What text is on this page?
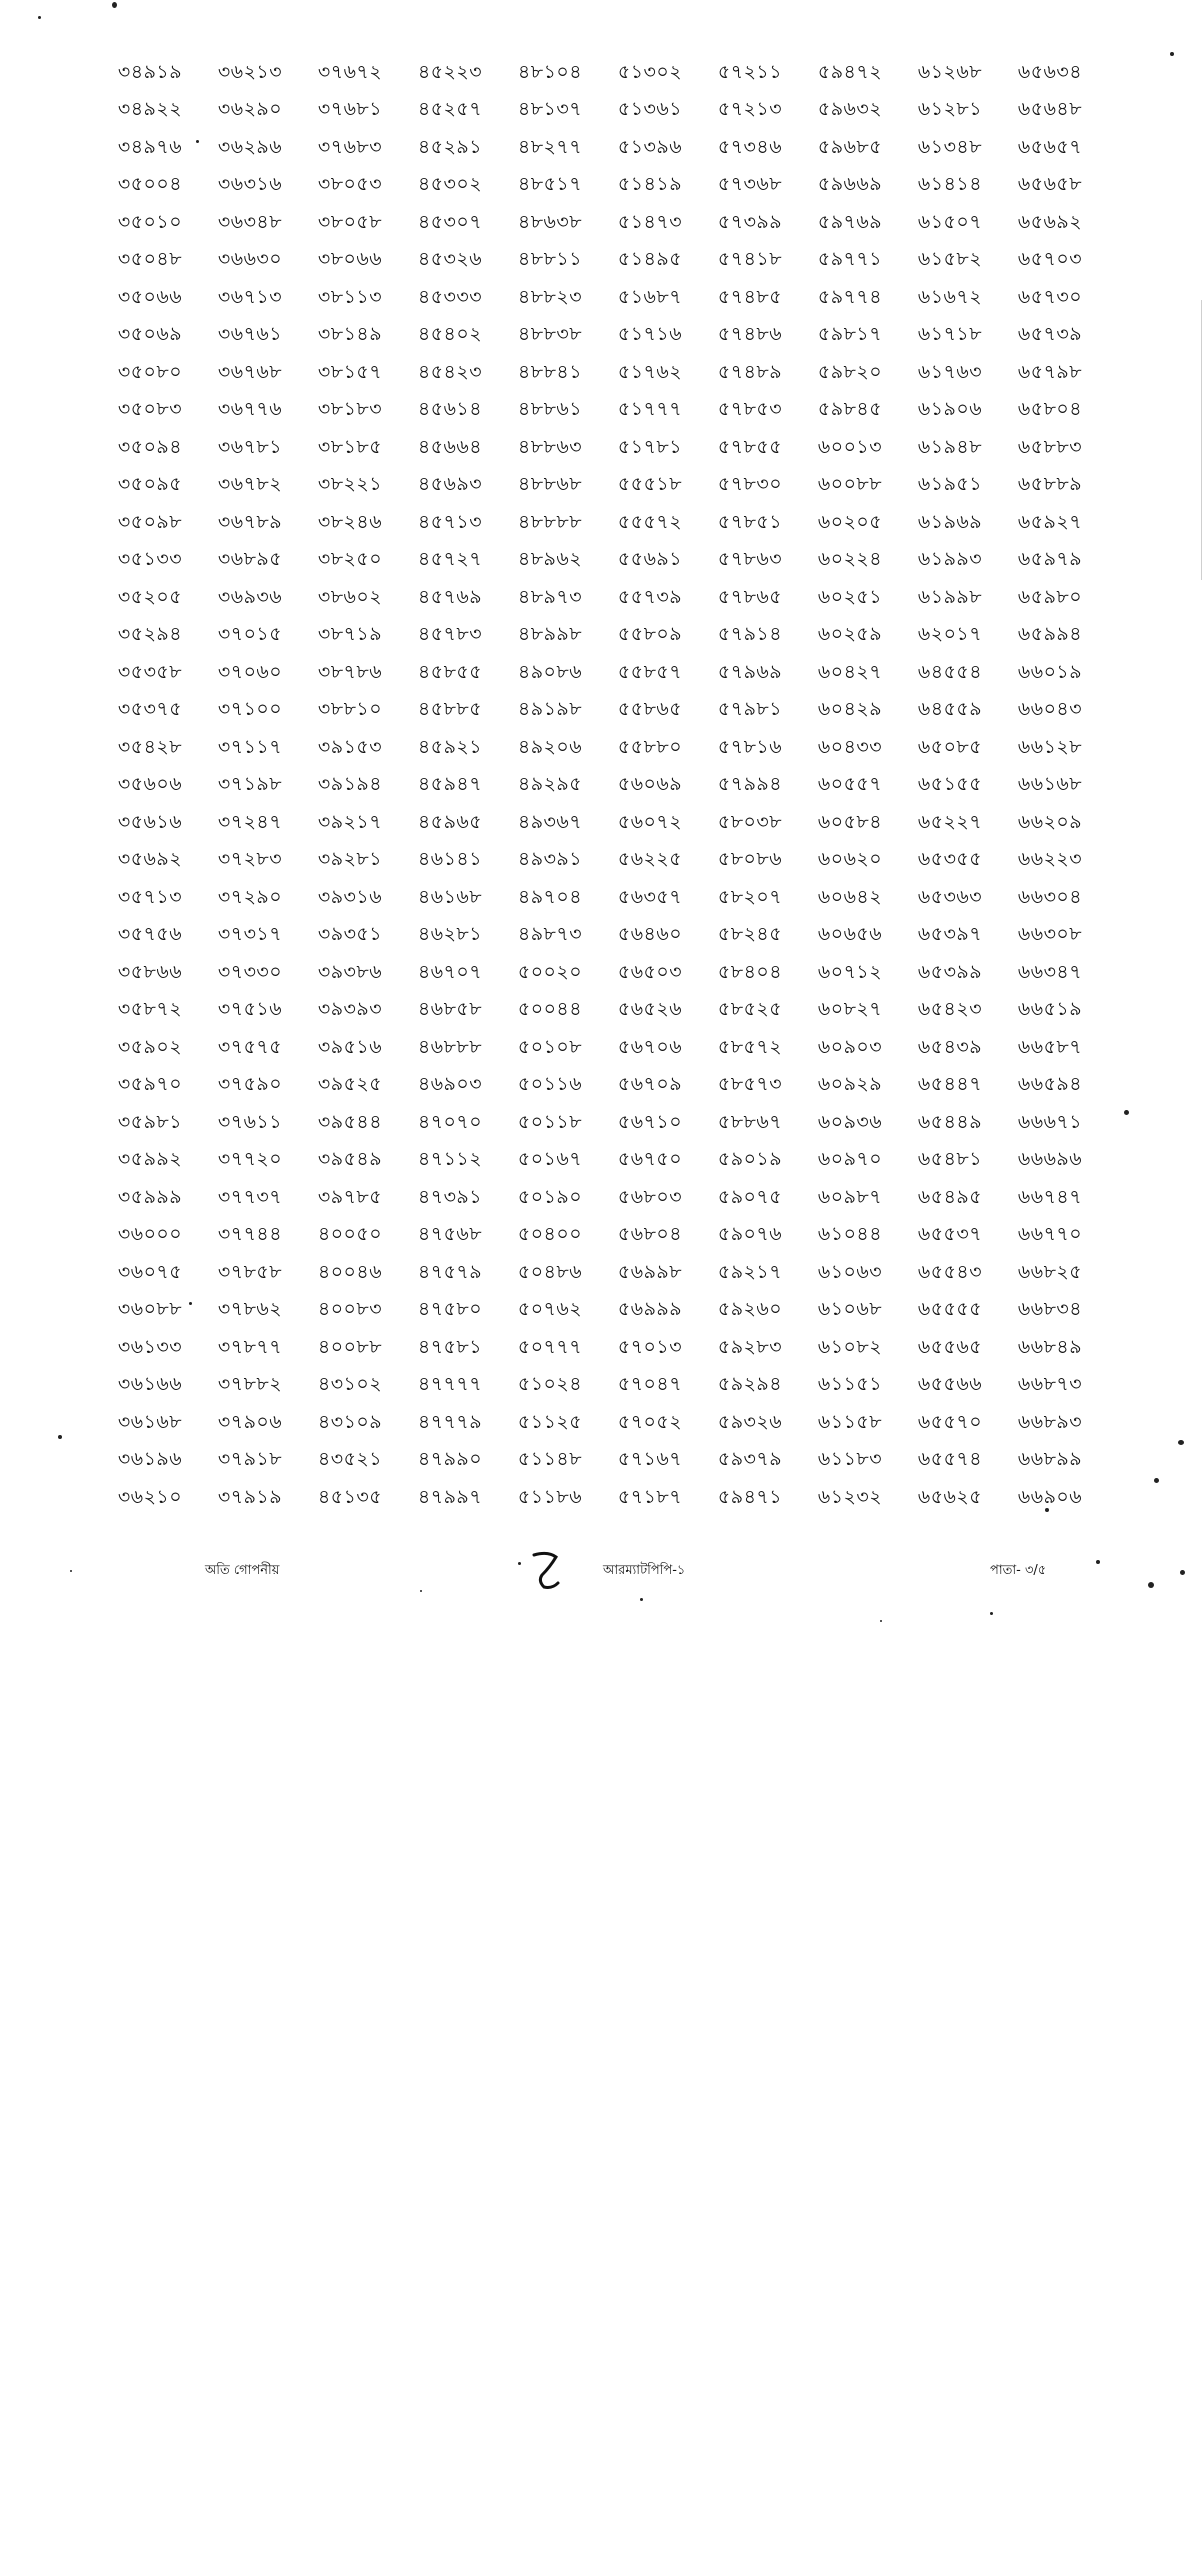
৩৪৯১৯	৩৬২১৩	৩৭৬৭২	৪৫২২৩	৪৮১০৪	৫১৩০২	৫৭২১১	৫৯৪৭২	৬১২৬৮	৬৫৬৩৪
৩৪৯২২	৩৬২৯০	৩৭৬৮১	৪৫২৫৭	৪৮১৩৭	৫১৩৬১	৫৭২১৩	৫৯৬৩২	৬১২৮১	৬৫৬৪৮
৩৪৯৭৬	৩৬২৯৬	৩৭৬৮৩	৪৫২৯১	৪৮২৭৭	৫১৩৯৬	৫৭৩৪৬	৫৯৬৮৫	৬১৩৪৮	৬৫৬৫৭
৩৫০০৪	৩৬৩১৬	৩৮০৫৩	৪৫৩০২	৪৮৫১৭	৫১৪১৯	৫৭৩৬৮	৫৯৬৬৯	৬১৪১৪	৬৫৬৫৮
৩৫০১০	৩৬৩৪৮	৩৮০৫৮	৪৫৩০৭	৪৮৬৩৮	৫১৪৭৩	৫৭৩৯৯	৫৯৭৬৯	৬১৫০৭	৬৫৬৯২
৩৫০৪৮	৩৬৬৩০	৩৮০৬৬	৪৫৩২৬	৪৮৮১১	৫১৪৯৫	৫৭৪১৮	৫৯৭৭১	৬১৫৮২	৬৫৭০৩
৩৫০৬৬	৩৬৭১৩	৩৮১১৩	৪৫৩৩৩	৪৮৮২৩	৫১৬৮৭	৫৭৪৮৫	৫৯৭৭৪	৬১৬৭২	৬৫৭৩০
৩৫০৬৯	৩৬৭৬১	৩৮১৪৯	৪৫৪০২	৪৮৮৩৮	৫১৭১৬	৫৭৪৮৬	৫৯৮১৭	৬১৭১৮	৬৫৭৩৯
৩৫০৮০	৩৬৭৬৮	৩৮১৫৭	৪৫৪২৩	৪৮৮৪১	৫১৭৬২	৫৭৪৮৯	৫৯৮২০	৬১৭৬৩	৬৫৭৯৮
৩৫০৮৩	৩৬৭৭৬	৩৮১৮৩	৪৫৬১৪	৪৮৮৬১	৫১৭৭৭	৫৭৮৫৩	৫৯৮৪৫	৬১৯০৬	৬৫৮০৪
৩৫০৯৪	৩৬৭৮১	৩৮১৮৫	৪৫৬৬৪	৪৮৮৬৩	৫১৭৮১	৫৭৮৫৫	৬০০১৩	৬১৯৪৮	৬৫৮৮৩
৩৫০৯৫	৩৬৭৮২	৩৮২২১	৪৫৬৯৩	৪৮৮৬৮	৫৫৫১৮	৫৭৮৩০	৬০০৮৮	৬১৯৫১	৬৫৮৮৯
৩৫০৯৮	৩৬৭৮৯	৩৮২৪৬	৪৫৭১৩	৪৮৮৮৮	৫৫৫৭২	৫৭৮৫১	৬০২০৫	৬১৯৬৯	৬৫৯২৭
৩৫১৩৩	৩৬৮৯৫	৩৮২৫০	৪৫৭২৭	৪৮৯৬২	৫৫৬৯১	৫৭৮৬৩	৬০২২৪	৬১৯৯৩	৬৫৯৭৯
৩৫২০৫	৩৬৯৩৬	৩৮৬০২	৪৫৭৬৯	৪৮৯৭৩	৫৫৭৩৯	৫৭৮৬৫	৬০২৫১	৬১৯৯৮	৬৫৯৮০
৩৫২৯৪	৩৭০১৫	৩৮৭১৯	৪৫৭৮৩	৪৮৯৯৮	৫৫৮০৯	৫৭৯১৪	৬০২৫৯	৬২০১৭	৬৫৯৯৪
৩৫৩৫৮	৩৭০৬০	৩৮৭৮৬	৪৫৮৫৫	৪৯০৮৬	৫৫৮৫৭	৫৭৯৬৯	৬০৪২৭	৬৪৫৫৪	৬৬০১৯
৩৫৩৭৫	৩৭১০০	৩৮৮১০	৪৫৮৮৫	৪৯১৯৮	৫৫৮৬৫	৫৭৯৮১	৬০৪২৯	৬৪৫৫৯	৬৬০৪৩
৩৫৪২৮	৩৭১১৭	৩৯১৫৩	৪৫৯২১	৪৯২০৬	৫৫৮৮০	৫৭৮১৬	৬০৪৩৩	৬৫০৮৫	৬৬১২৮
৩৫৬০৬	৩৭১৯৮	৩৯১৯৪	৪৫৯৪৭	৪৯২৯৫	৫৬০৬৯	৫৭৯৯৪	৬০৫৫৭	৬৫১৫৫	৬৬১৬৮
৩৫৬১৬	৩৭২৪৭	৩৯২১৭	৪৫৯৬৫	৪৯৩৬৭	৫৬০৭২	৫৮০৩৮	৬০৫৮৪	৬৫২২৭	৬৬২০৯
৩৫৬৯২	৩৭২৮৩	৩৯২৮১	৪৬১৪১	৪৯৩৯১	৫৬২২৫	৫৮০৮৬	৬০৬২০	৬৫৩৫৫	৬৬২২৩
৩৫৭১৩	৩৭২৯০	৩৯৩১৬	৪৬১৬৮	৪৯৭০৪	৫৬৩৫৭	৫৮২০৭	৬০৬৪২	৬৫৩৬৩	৬৬৩০৪
৩৫৭৫৬	৩৭৩১৭	৩৯৩৫১	৪৬২৮১	৪৯৮৭৩	৫৬৪৬০	৫৮২৪৫	৬০৬৫৬	৬৫৩৯৭	৬৬৩০৮
৩৫৮৬৬	৩৭৩৩০	৩৯৩৮৬	৪৬৭০৭	৫০০২০	৫৬৫০৩	৫৮৪০৪	৬০৭১২	৬৫৩৯৯	৬৬৩৪৭
৩৫৮৭২	৩৭৫১৬	৩৯৩৯৩	৪৬৮৫৮	৫০০৪৪	৫৬৫২৬	৫৮৫২৫	৬০৮২৭	৬৫৪২৩	৬৬৫১৯
৩৫৯০২	৩৭৫৭৫	৩৯৫১৬	৪৬৮৮৮	৫০১০৮	৫৬৭০৬	৫৮৫৭২	৬০৯০৩	৬৫৪৩৯	৬৬৫৮৭
৩৫৯৭০	৩৭৫৯০	৩৯৫২৫	৪৬৯০৩	৫০১১৬	৫৬৭০৯	৫৮৫৭৩	৬০৯২৯	৬৫৪৪৭	৬৬৫৯৪
৩৫৯৮১	৩৭৬১১	৩৯৫৪৪	৪৭০৭০	৫০১১৮	৫৬৭১০	৫৮৮৬৭	৬০৯৩৬	৬৫৪৪৯	৬৬৬৭১
৩৫৯৯২	৩৭৭২০	৩৯৫৪৯	৪৭১১২	৫০১৬৭	৫৬৭৫০	৫৯০১৯	৬০৯৭০	৬৫৪৮১	৬৬৬৯৬
৩৫৯৯৯	৩৭৭৩৭	৩৯৭৮৫	৪৭৩৯১	৫০১৯০	৫৬৮০৩	৫৯০৭৫	৬০৯৮৭	৬৫৪৯৫	৬৬৭৪৭
৩৬০০০	৩৭৭৪৪	৪০০৫০	৪৭৫৬৮	৫০৪০০	৫৬৮০৪	৫৯০৭৬	৬১০৪৪	৬৫৫৩৭	৬৬৭৭০
৩৬০৭৫	৩৭৮৫৮	৪০০৪৬	৪৭৫৭৯	৫০৪৮৬	৫৬৯৯৮	৫৯২১৭	৬১০৬৩	৬৫৫৪৩	৬৬৮২৫
৩৬০৮৮	৩৭৮৬২	৪০০৮৩	৪৭৫৮০	৫০৭৬২	৫৬৯৯৯	৫৯২৬০	৬১০৬৮	৬৫৫৫৫	৬৬৮৩৪
৩৬১৩৩	৩৭৮৭৭	৪০০৮৮	৪৭৫৮১	৫০৭৭৭	৫৭০১৩	৫৯২৮৩	৬১০৮২	৬৫৫৬৫	৬৬৮৪৯
৩৬১৬৬	৩৭৮৮২	৪৩১০২	৪৭৭৭৭	৫১০২৪	৫৭০৪৭	৫৯২৯৪	৬১১৫১	৬৫৫৬৬	৬৬৮৭৩
৩৬১৬৮	৩৭৯০৬	৪৩১০৯	৪৭৭৭৯	৫১১২৫	৫৭০৫২	৫৯৩২৬	৬১১৫৮	৬৫৫৭০	৬৬৮৯৩
৩৬১৯৬	৩৭৯১৮	৪৩৫২১	৪৭৯৯০	৫১১৪৮	৫৭১৬৭	৫৯৩৭৯	৬১১৮৩	৬৫৫৭৪	৬৬৮৯৯
৩৬২১০	৩৭৯১৯	৪৫১৩৫	৪৭৯৯৭	৫১১৮৬	৫৭১৮৭	৫৯৪৭১	৬১২৩২	৬৫৬২৫	৬৬৯০৬
অতি গোপনীয়	আরম্যাটপিপি-১	পাতা- ৩/৫
